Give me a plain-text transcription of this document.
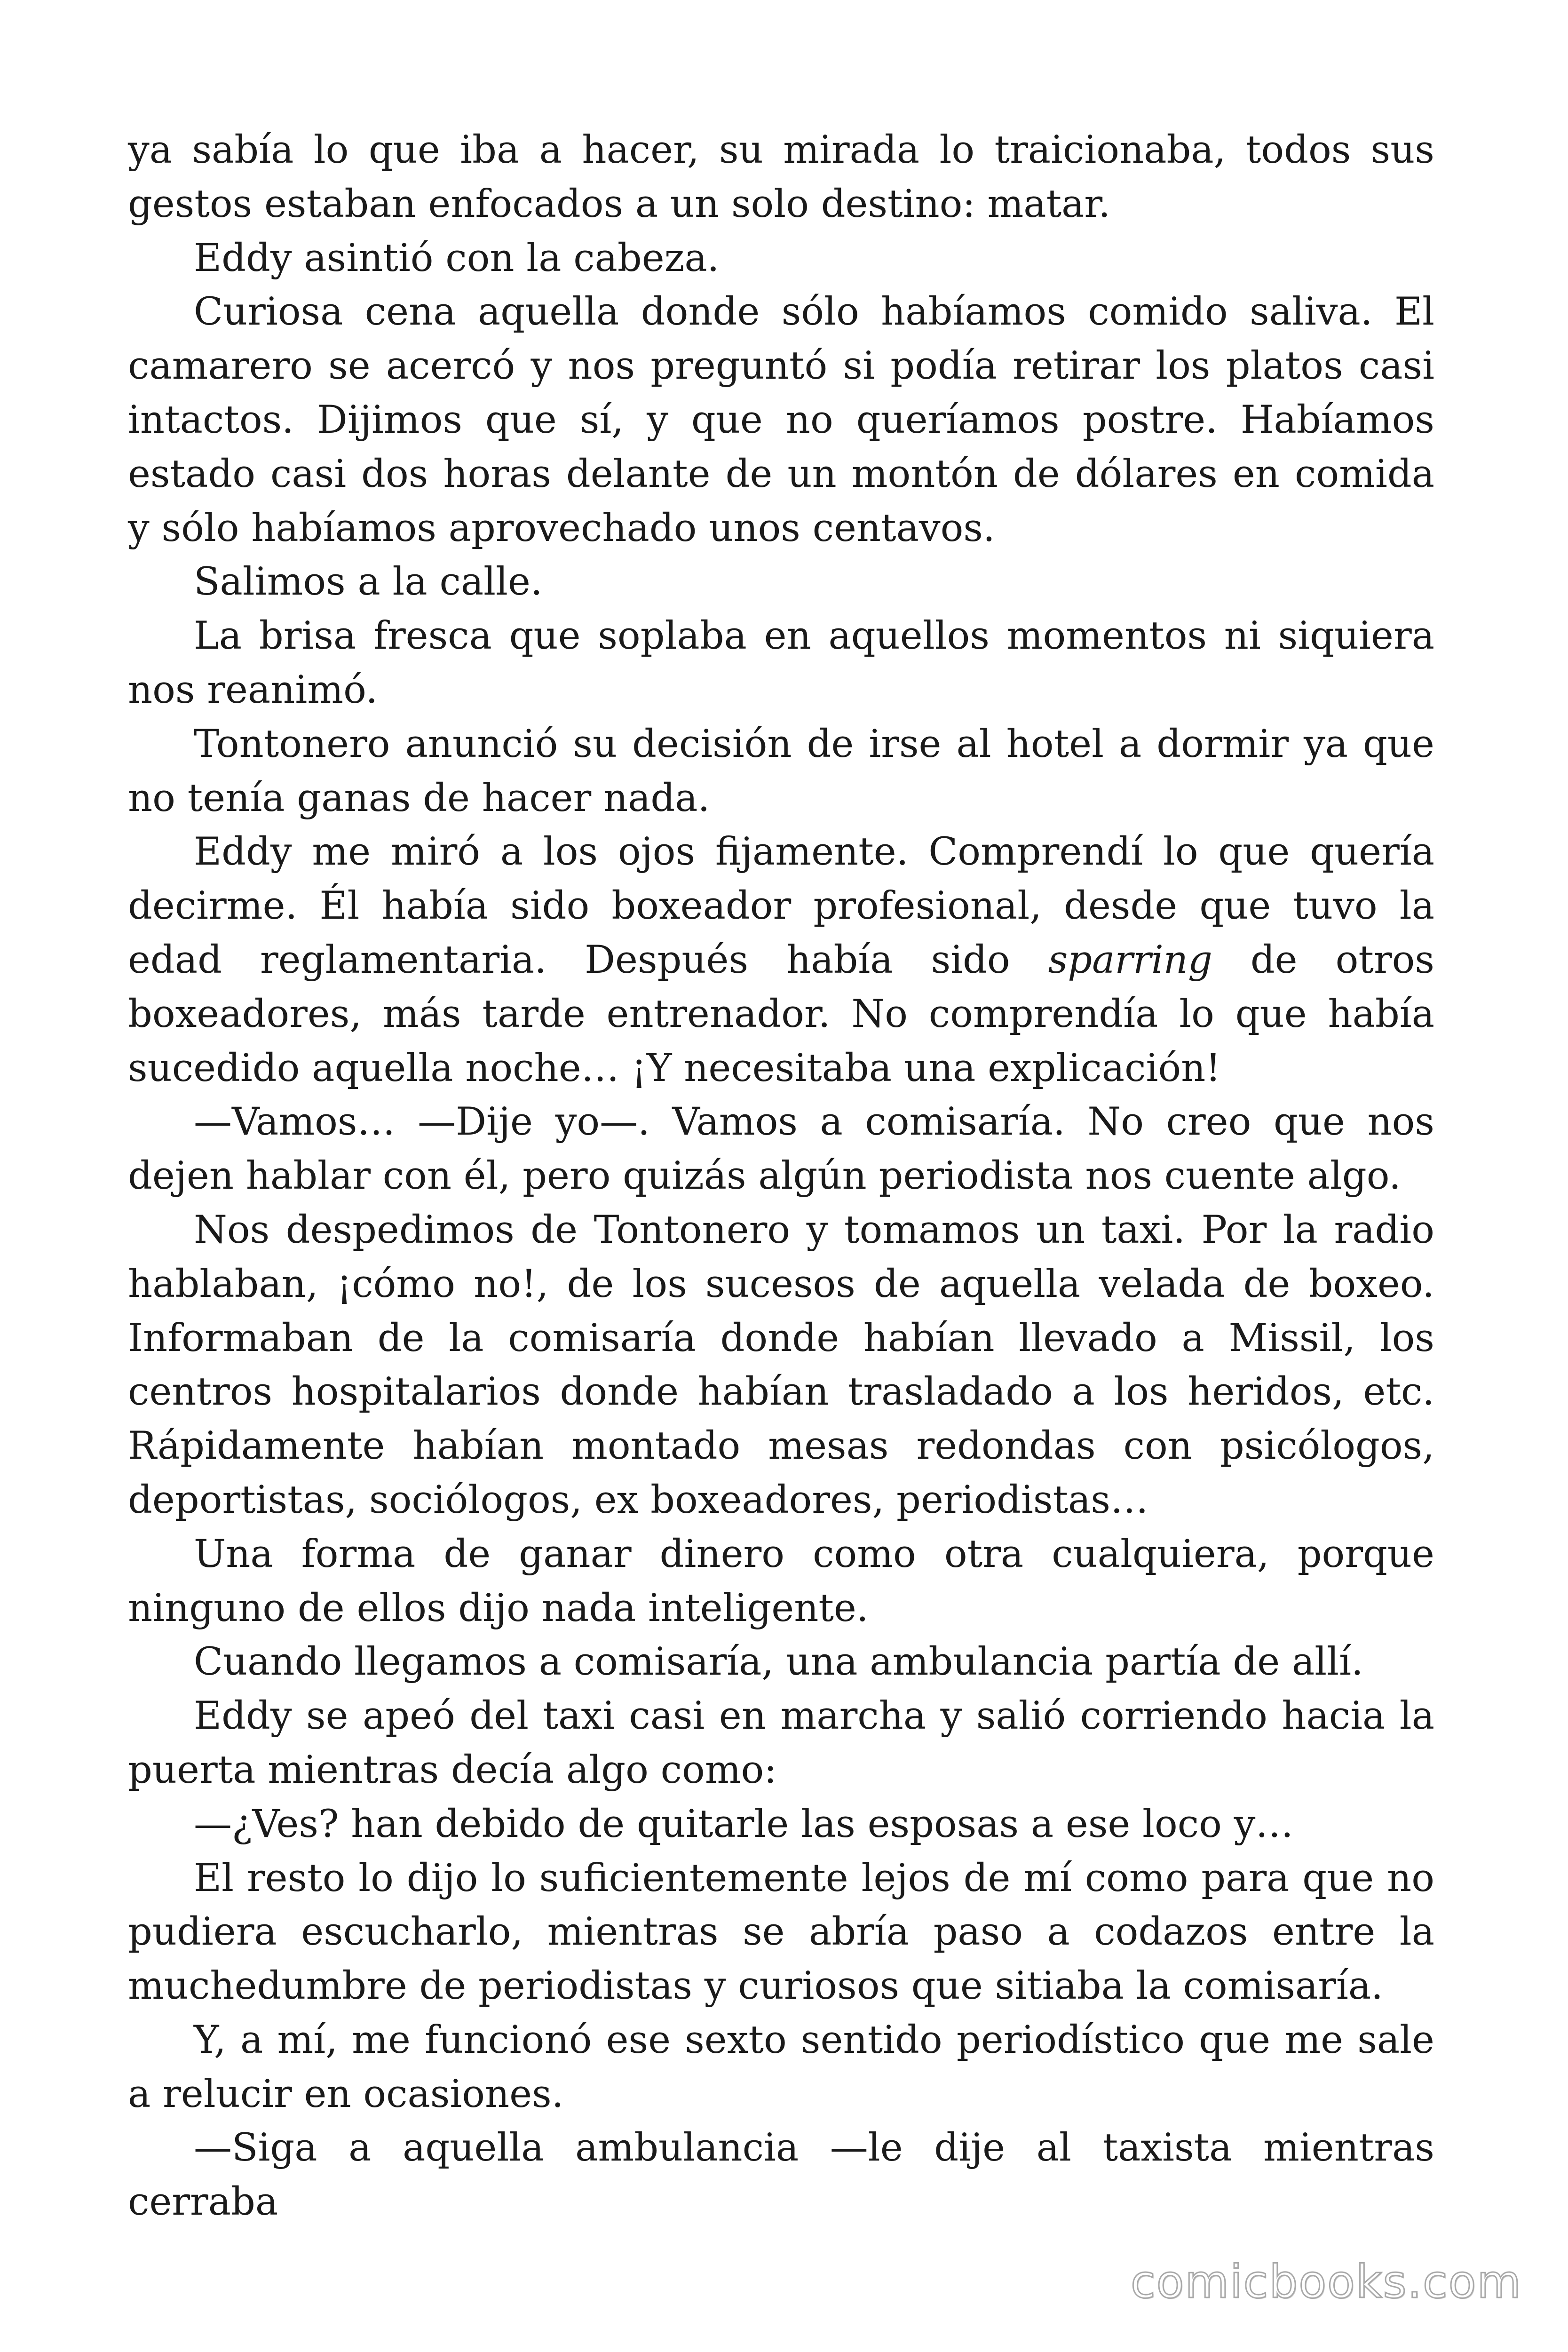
ya sabía lo que iba a hacer, su mirada lo traicionaba, todos sus gestos estaban enfocados a un solo destino: matar.

Eddy asintió con la cabeza.

Curiosa cena aquella donde sólo habíamos comido saliva. El camarero se acercó y nos preguntó si podía retirar los platos casi intactos. Dijimos que sí, y que no queríamos postre. Habíamos estado casi dos horas delante de un montón de dólares en comida y sólo habíamos aprovechado unos centavos.

Salimos a la calle.

La brisa fresca que soplaba en aquellos momentos ni siquiera nos reanimó.

Tontonero anunció su decisión de irse al hotel a dormir ya que no tenía ganas de hacer nada.

Eddy me miró a los ojos fijamente. Comprendí lo que quería decirme. Él había sido boxeador profesional, desde que tuvo la edad reglamentaria. Después había sido sparring de otros boxeadores, más tarde entrenador. No comprendía lo que había sucedido aquella noche… ¡Y necesitaba una explicación!

—Vamos… —Dije yo—. Vamos a comisaría. No creo que nos dejen hablar con él, pero quizás algún periodista nos cuente algo.

Nos despedimos de Tontonero y tomamos un taxi. Por la radio hablaban, ¡cómo no!, de los sucesos de aquella velada de boxeo. Informaban de la comisaría donde habían llevado a Missil, los centros hospitalarios donde habían trasladado a los heridos, etc. Rápidamente habían montado mesas redondas con psicólogos, deportistas, sociólogos, ex boxeadores, periodistas…

Una forma de ganar dinero como otra cualquiera, porque ninguno de ellos dijo nada inteligente.

Cuando llegamos a comisaría, una ambulancia partía de allí.

Eddy se apeó del taxi casi en marcha y salió corriendo hacia la puerta mientras decía algo como:

—¿Ves? han debido de quitarle las esposas a ese loco y…

El resto lo dijo lo suficientemente lejos de mí como para que no pudiera escucharlo, mientras se abría paso a codazos entre la muchedumbre de periodistas y curiosos que sitiaba la comisaría.

Y, a mí, me funcionó ese sexto sentido periodístico que me sale a relucir en ocasiones.

—Siga a aquella ambulancia —le dije al taxista mientras cerraba

comicbooks.com
